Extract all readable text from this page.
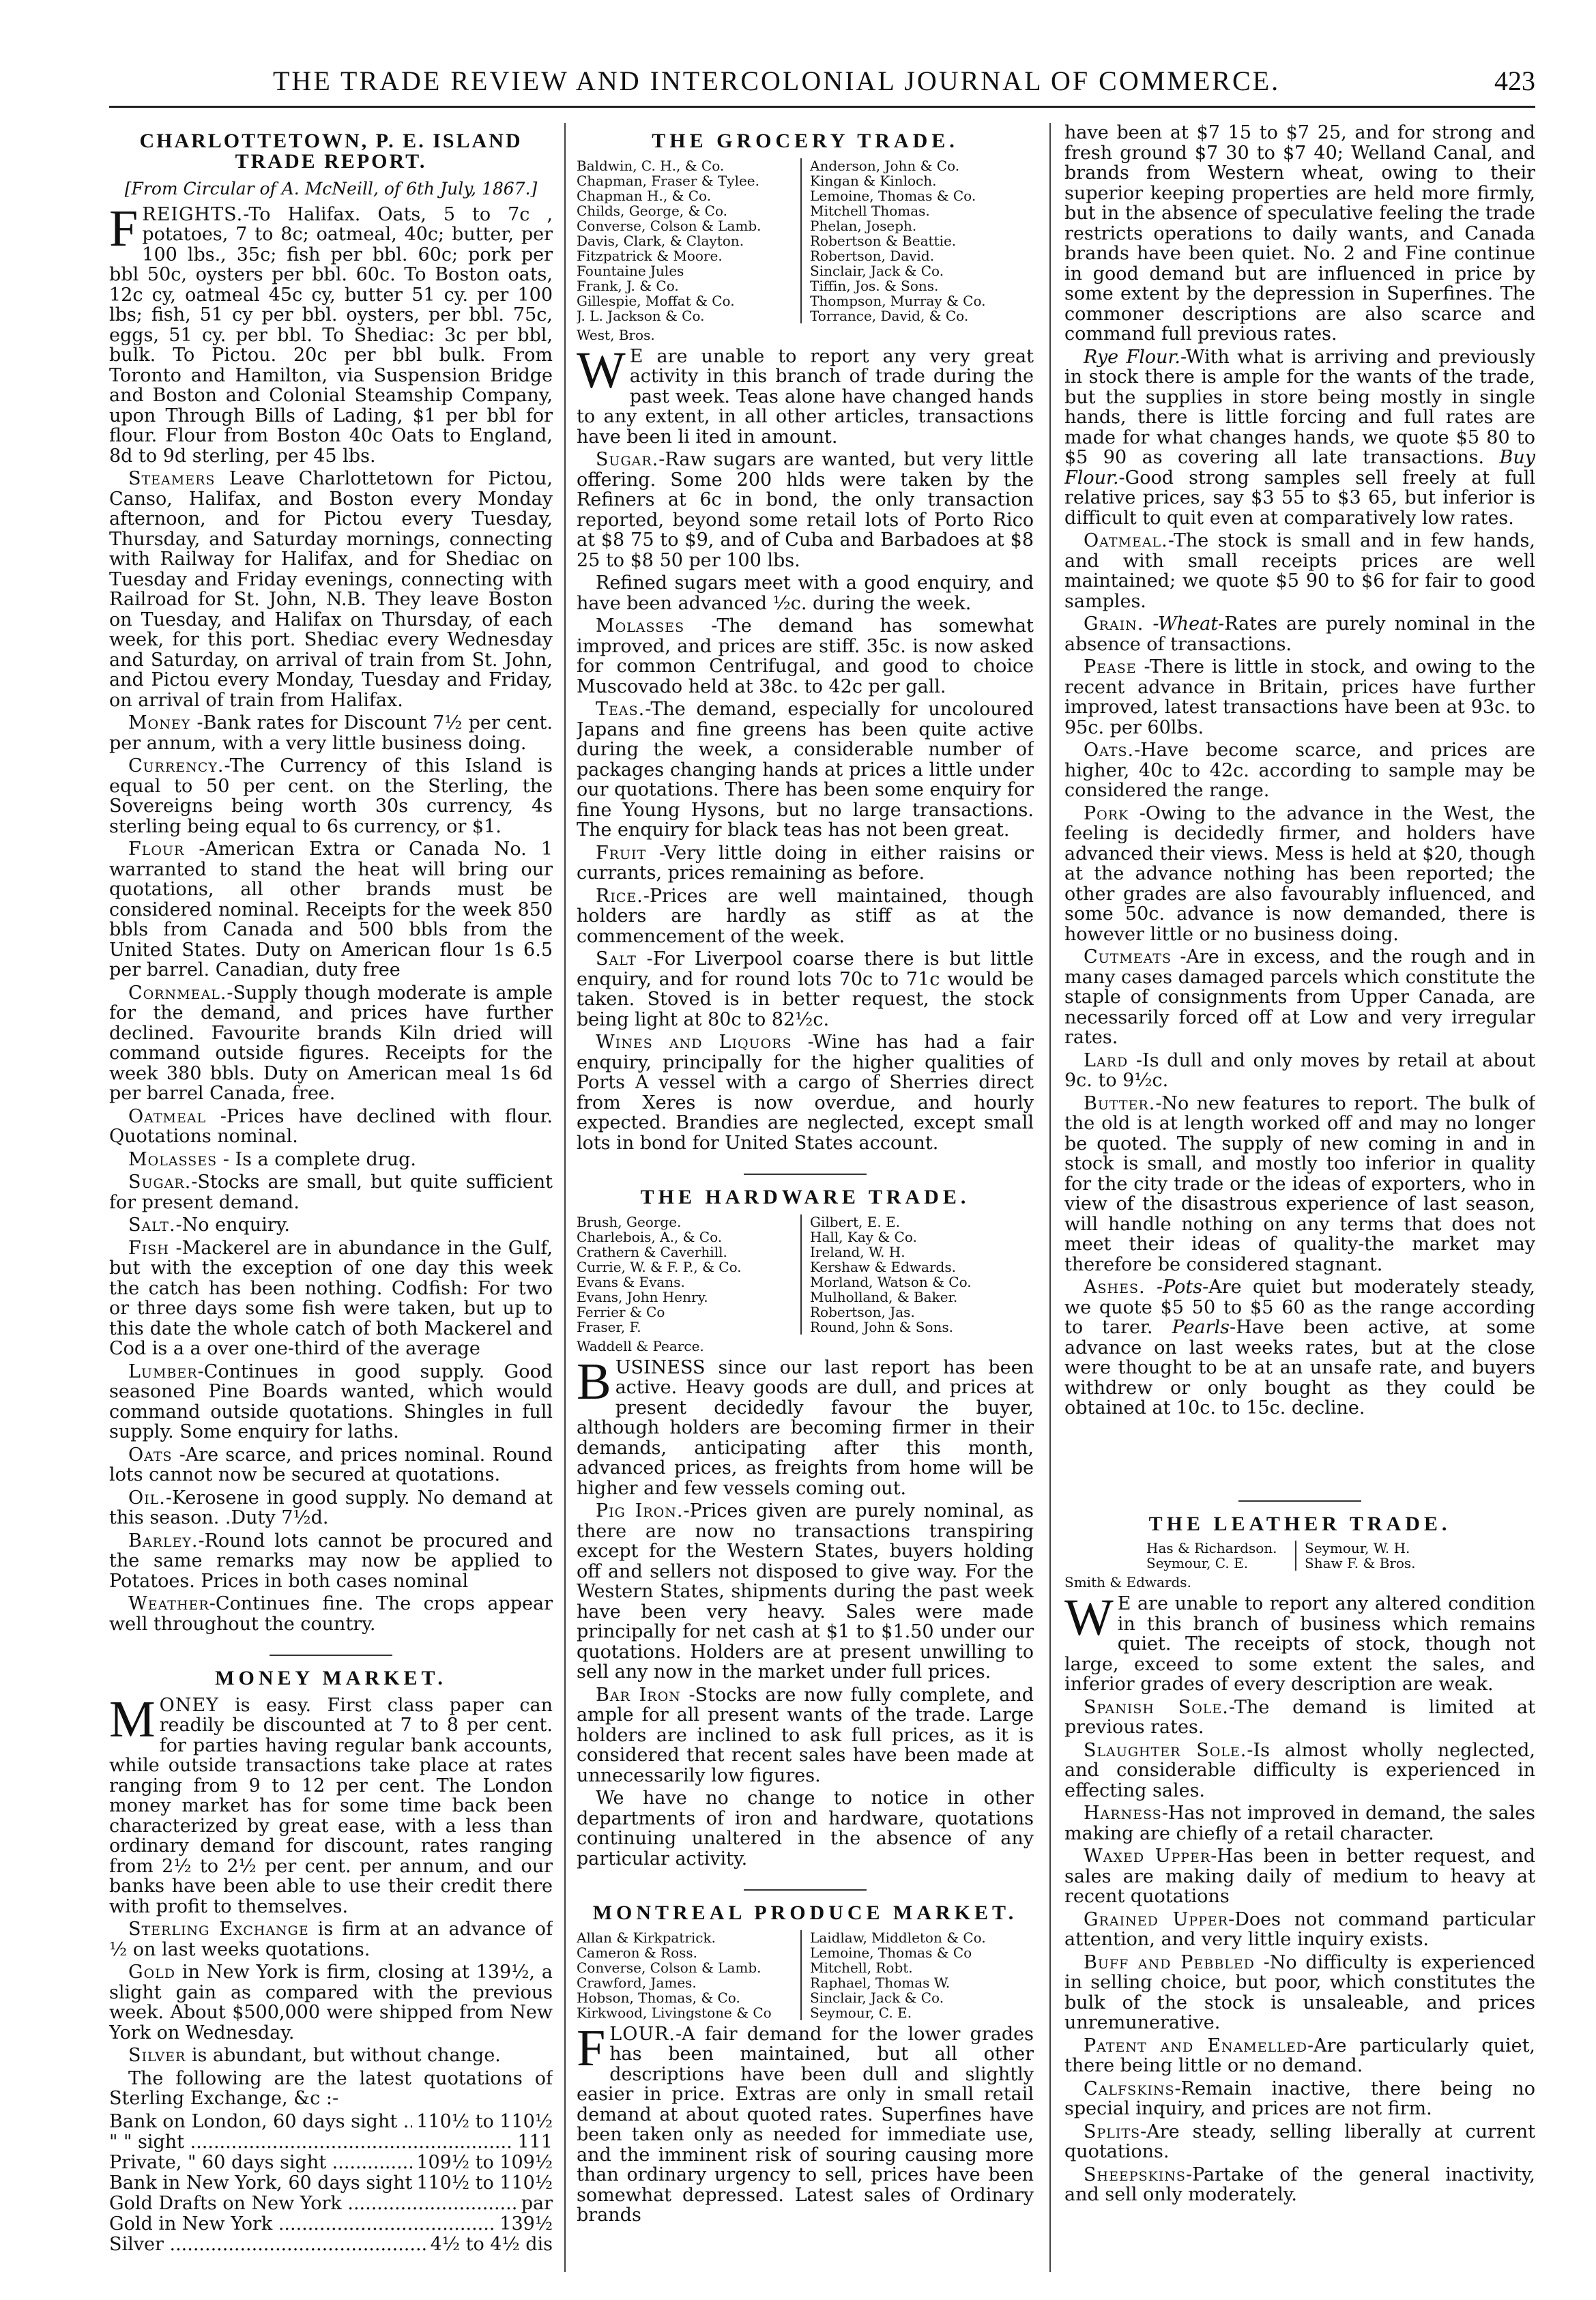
THE TRADE REVIEW AND INTERCOLONIAL JOURNAL OF COMMERCE.	423
CHARLOTTETOWN, P. E. ISLAND TRADE REPORT.
[From Circular of A. McNeill, of 6th July, 1867.]

FREIGHTS.-To Halifax. Oats, 5 to 7c , potatoes, 7 to 8c; oatmeal, 40c; butter, per 100 lbs., 35c; fish per bbl. 60c; pork per bbl 50c, oysters per bbl. 60c. To Boston oats, 12c cy, oatmeal 45c cy, butter 51 cy. per 100 lbs; fish, 51 cy per bbl. oysters, per bbl. 75c, eggs, 51 cy. per bbl. To Shediac: 3c per bbl, bulk. To Pictou. 20c per bbl bulk. From Toronto and Hamilton, via Suspension Bridge and Boston and Colonial Steamship Company, upon Through Bills of Lading, $1 per bbl for flour. Flour from Boston 40c Oats to England, 8d to 9d sterling, per 45 lbs.

Steamers Leave Charlottetown for Pictou, Canso, Halifax, and Boston every Monday afternoon, and for Pictou every Tuesday, Thursday, and Saturday mornings, connecting with Railway for Halifax, and for Shediac on Tuesday and Friday evenings, connecting with Railroad for St. John, N.B. They leave Boston on Tuesday, and Halifax on Thursday, of each week, for this port. Shediac every Wednesday and Saturday, on arrival of train from St. John, and Pictou every Monday, Tuesday and Friday, on arrival of train from Halifax.

Money -Bank rates for Discount 7½ per cent. per annum, with a very little business doing.

Currency.-The Currency of this Island is equal to 50 per cent. on the Sterling, the Sovereigns being worth 30s currency, 4s sterling being equal to 6s currency, or $1.

Flour -American Extra or Canada No. 1 warranted to stand the heat will bring our quotations, all other brands must be considered nominal. Receipts for the week 850 bbls from Canada and 500 bbls from the United States. Duty on American flour 1s 6.5 per barrel. Canadian, duty free

Cornmeal.-Supply though moderate is ample for the demand, and prices have further declined. Favourite brands Kiln dried will command outside figures. Receipts for the week 380 bbls. Duty on American meal 1s 6d per barrel Canada, free.

Oatmeal -Prices have declined with flour. Quotations nominal.

Molasses - Is a complete drug.

Sugar.-Stocks are small, but quite sufficient for present demand.

Salt.-No enquiry.

Fish -Mackerel are in abundance in the Gulf, but with the exception of one day this week the catch has been nothing. Codfish: For two or three days some fish were taken, but up to this date the whole catch of both Mackerel and Cod is a a over one-third of the average

Lumber-Continues in good supply. Good seasoned Pine Boards wanted, which would command outside quotations. Shingles in full supply. Some enquiry for laths.

Oats -Are scarce, and prices nominal. Round lots cannot now be secured at quotations.

Oil.-Kerosene in good supply. No demand at this season. .Duty 7½d.

Barley.-Round lots cannot be procured and the same remarks may now be applied to Potatoes. Prices in both cases nominal

Weather-Continues fine. The crops appear well throughout the country.

MONEY MARKET.

MONEY is easy. First class paper can readily be discounted at 7 to 8 per cent. for parties having regular bank accounts, while outside transactions take place at rates ranging from 9 to 12 per cent. The London money market has for some time back been characterized by great ease, with a less than ordinary demand for discount, rates ranging from 2½ to 2½ per cent. per annum, and our banks have been able to use their credit there with profit to themselves.

Sterling Exchange is firm at an advance of ½ on last weeks quotations.

Gold in New York is firm, closing at 139½, a slight gain as compared with the previous week. About $500,000 were shipped from New York on Wednesday.

Silver is abundant, but without change.

The following are the latest quotations of Sterling Exchange, &c :-

Bank on London, 60 days sight .....	110½ to 110½
" " sight .....	111
Private, " 60 days sight .....	109½ to 109½
Bank in New York, 60 days sight ..... 110½ to 110½
Gold Drafts on New York .....	par
Gold in New York .....	139½
Silver .....	4½ to 4½ dis
THE GROCERY TRADE.
Baldwin, C. H., & Co.
Chapman, Fraser & Tylee.
Chapman H., & Co.
Childs, George, & Co.
Converse, Colson & Lamb.
Davis, Clark, & Clayton.
Fitzpatrick & Moore.
Fountaine Jules
Frank, J. & Co.
Gillespie, Moffat & Co.
J. L. Jackson & Co.
Anderson, John & Co.
Kingan & Kinloch.
Lemoine, Thomas & Co.
Mitchell Thomas.
Phelan, Joseph.
Robertson & Beattie.
Robertson, David.
Sinclair, Jack & Co.
Tiffin, Jos. & Sons.
Thompson, Murray & Co.
Torrance, David, & Co.
West, Bros.

W E are unable to report any very great activity in this branch of trade during the past week. Teas alone have changed hands to any extent, in all other articles, transactions have been li ited in amount.

Sugar.-Raw sugars are wanted, but very little offering. Some 200 hlds were taken by the Refiners at 6c in bond, the only transaction reported, beyond some retail lots of Porto Rico at $8 75 to $9, and of Cuba and Barbadoes at $8 25 to $8 50 per 100 lbs.

Refined sugars meet with a good enquiry, and have been advanced ½c. during the week.

Molasses -The demand has somewhat improved, and prices are stiff. 35c. is now asked for common Centrifugal, and good to choice Muscovado held at 38c. to 42c per gall.

Teas.-The demand, especially for uncoloured Japans and fine greens has been quite active during the week, a considerable number of packages changing hands at prices a little under our quotations. There has been some enquiry for fine Young Hysons, but no large transactions. The enquiry for black teas has not been great.

Fruit -Very little doing in either raisins or currants, prices remaining as before.

Rice.-Prices are well maintained, though holders are hardly as stiff as at the commencement of the week.

Salt -For Liverpool coarse there is but little enquiry, and for round lots 70c to 71c would be taken. Stoved is in better request, the stock being light at 80c to 82½c.

Wines and Liquors -Wine has had a fair enquiry, principally for the higher qualities of Ports A vessel with a cargo of Sherries direct from Xeres is now overdue, and hourly expected. Brandies are neglected, except small lots in bond for United States account.

THE HARDWARE TRADE.
Brush, George.
Charlebois, A., & Co.
Crathern & Caverhill.
Currie, W. & F. P., & Co.
Evans & Evans.
Evans, John Henry.
Ferrier & Co
Fraser, F.
Gilbert, E. E.
Hall, Kay & Co.
Ireland, W. H.
Kershaw & Edwards.
Morland, Watson & Co.
Mulholland, & Baker.
Robertson, Jas.
Round, John & Sons.
Waddell & Pearce.

BUSINESS since our last report has been active. Heavy goods are dull, and prices at present decidedly favour the buyer, although holders are becoming firmer in their demands, anticipating after this month, advanced prices, as freights from home will be higher and few vessels coming out.

Pig Iron.-Prices given are purely nominal, as there are now no transactions transpiring except for the Western States, buyers holding off and sellers not disposed to give way. For the Western States, shipments during the past week have been very heavy. Sales were made principally for net cash at $1 to $1.50 under our quotations. Holders are at present unwilling to sell any now in the market under full prices.

Bar Iron -Stocks are now fully complete, and ample for all present wants of the trade. Large holders are inclined to ask full prices, as it is considered that recent sales have been made at unnecessarily low figures.

We have no change to notice in other departments of iron and hardware, quotations continuing unaltered in the absence of any particular activity.

MONTREAL PRODUCE MARKET.
Allan & Kirkpatrick.
Cameron & Ross.
Converse, Colson & Lamb.
Crawford, James.
Hobson, Thomas, & Co.
Kirkwood, Livingstone & Co
Laidlaw, Middleton & Co.
Lemoine, Thomas & Co
Mitchell, Robt.
Raphael, Thomas W.
Sinclair, Jack & Co.
Seymour, C. E.

FLOUR.-A fair demand for the lower grades has been maintained, but all other descriptions have been dull and slightly easier in price. Extras are only in small retail demand at about quoted rates. Superfines have been taken only as needed for immediate use, and the imminent risk of souring causing more than ordinary urgency to sell, prices have been somewhat depressed. Latest sales of Ordinary brands

have been at $7 15 to $7 25, and for strong and fresh ground $7 30 to $7 40; Welland Canal, and brands from Western wheat, owing to their superior keeping properties are held more firmly, but in the absence of speculative feeling the trade restricts operations to daily wants, and Canada brands have been quiet. No. 2 and Fine continue in good demand but are influenced in price by some extent by the depression in Superfines. The commoner descriptions are also scarce and command full previous rates.

Rye Flour.-With what is arriving and previously in stock there is ample for the wants of the trade, but the supplies in store being mostly in single hands, there is little forcing and full rates are made for what changes hands, we quote $5 80 to $5 90 as covering all late transactions. Buy Flour.-Good strong samples sell freely at full relative prices, say $3 55 to $3 65, but inferior is difficult to quit even at comparatively low rates.

Oatmeal.-The stock is small and in few hands, and with small receipts prices are well maintained; we quote $5 90 to $6 for fair to good samples.

Grain. -Wheat-Rates are purely nominal in the absence of transactions.

Pease -There is little in stock, and owing to the recent advance in Britain, prices have further improved, latest transactions have been at 93c. to 95c. per 60lbs.

Oats.-Have become scarce, and prices are higher, 40c to 42c. according to sample may be considered the range.

Pork -Owing to the advance in the West, the feeling is decidedly firmer, and holders have advanced their views. Mess is held at $20, though at the advance nothing has been reported; the other grades are also favourably influenced, and some 50c. advance is now demanded, there is however little or no business doing.

Cutmeats -Are in excess, and the rough and in many cases damaged parcels which constitute the staple of consignments from Upper Canada, are necessarily forced off at Low and very irregular rates.

Lard -Is dull and only moves by retail at about 9c. to 9½c.

Butter.-No new features to report. The bulk of the old is at length worked off and may no longer be quoted. The supply of new coming in and in stock is small, and mostly too inferior in quality for the city trade or the ideas of exporters, who in view of the disastrous experience of last season, will handle nothing on any terms that does not meet their ideas of quality-the market may therefore be considered stagnant.

Ashes. -Pots-Are quiet but moderately steady, we quote $5 50 to $5 60 as the range according to tarer. Pearls-Have been active, at some advance on last weeks rates, but at the close were thought to be at an unsafe rate, and buyers withdrew or only bought as they could be obtained at 10c. to 15c. decline.

THE LEATHER TRADE.
Has & Richardson.
Seymour, C. E.
Seymour, W. H.
Shaw F. & Bros.
Smith & Edwards.

W E are unable to report any altered condition in this branch of business which remains quiet. The receipts of stock, though not large, exceed to some extent the sales, and inferior grades of every description are weak.

Spanish Sole.-The demand is limited at previous rates.

Slaughter Sole.-Is almost wholly neglected, and considerable difficulty is experienced in effecting sales.

Harness-Has not improved in demand, the sales making are chiefly of a retail character.

Waxed Upper-Has been in better request, and sales are making daily of medium to heavy at recent quotations

Grained Upper-Does not command particular attention, and very little inquiry exists.

Buff and Pebbled -No difficulty is experienced in selling choice, but poor, which constitutes the bulk of the stock is unsaleable, and prices unremunerative.

Patent and Enamelled-Are particularly quiet, there being little or no demand.

Calfskins-Remain inactive, there being no special inquiry, and prices are not firm.

Splits-Are steady, selling liberally at current quotations.

Sheepskins-Partake of the general inactivity, and sell only moderately.
